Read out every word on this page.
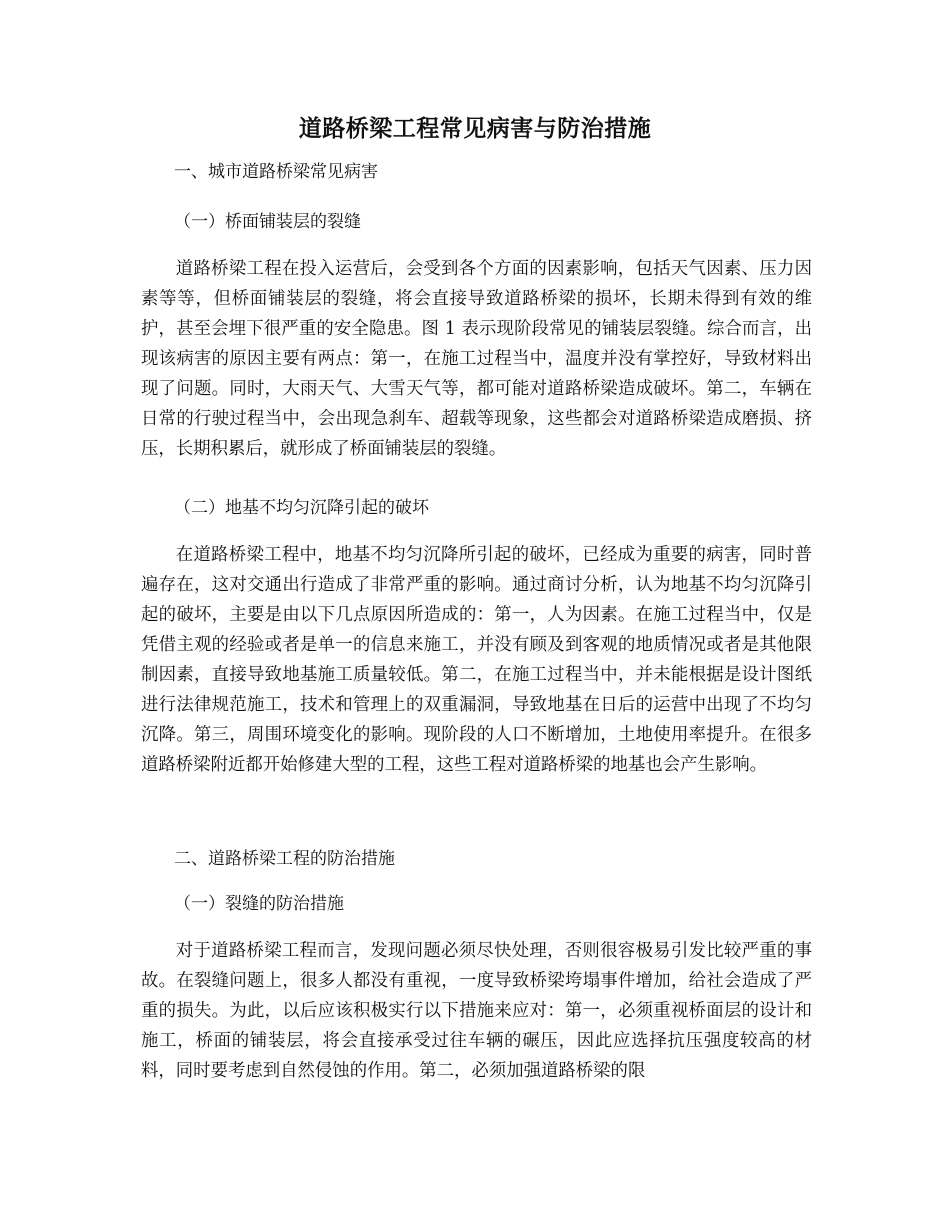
道路桥梁工程常见病害与防治措施
一、城市道路桥梁常见病害
（一）桥面铺装层的裂缝

道路桥梁工程在投入运营后，会受到各个方面的因素影响，包括天气因素、压力因素等等，但桥面铺装层的裂缝，将会直接导致道路桥梁的损坏，长期未得到有效的维护，甚至会埋下很严重的安全隐患。图 1 表示现阶段常见的铺装层裂缝。综合而言，出现该病害的原因主要有两点：第一，在施工过程当中，温度并没有掌控好，导致材料出现了问题。同时，大雨天气、大雪天气等，都可能对道路桥梁造成破坏。第二，车辆在日常的行驶过程当中，会出现急刹车、超载等现象，这些都会对道路桥梁造成磨损、挤压，长期积累后，就形成了桥面铺装层的裂缝。

（二）地基不均匀沉降引起的破坏

在道路桥梁工程中，地基不均匀沉降所引起的破坏，已经成为重要的病害，同时普遍存在，这对交通出行造成了非常严重的影响。通过商讨分析，认为地基不均匀沉降引起的破坏，主要是由以下几点原因所造成的：第一，人为因素。在施工过程当中，仅是凭借主观的经验或者是单一的信息来施工，并没有顾及到客观的地质情况或者是其他限制因素，直接导致地基施工质量较低。第二，在施工过程当中，并未能根据是设计图纸进行法律规范施工，技术和管理上的双重漏洞，导致地基在日后的运营中出现了不均匀沉降。第三，周围环境变化的影响。现阶段的人口不断增加，土地使用率提升。在很多道路桥梁附近都开始修建大型的工程，这些工程对道路桥梁的地基也会产生影响。

二、道路桥梁工程的防治措施
（一）裂缝的防治措施

对于道路桥梁工程而言，发现问题必须尽快处理，否则很容极易引发比较严重的事故。在裂缝问题上，很多人都没有重视，一度导致桥梁垮塌事件增加，给社会造成了严重的损失。为此，以后应该积极实行以下措施来应对：第一，必须重视桥面层的设计和施工，桥面的铺装层，将会直接承受过往车辆的碾压，因此应选择抗压强度较高的材料，同时要考虑到自然侵蚀的作用。第二，必须加强道路桥梁的限
